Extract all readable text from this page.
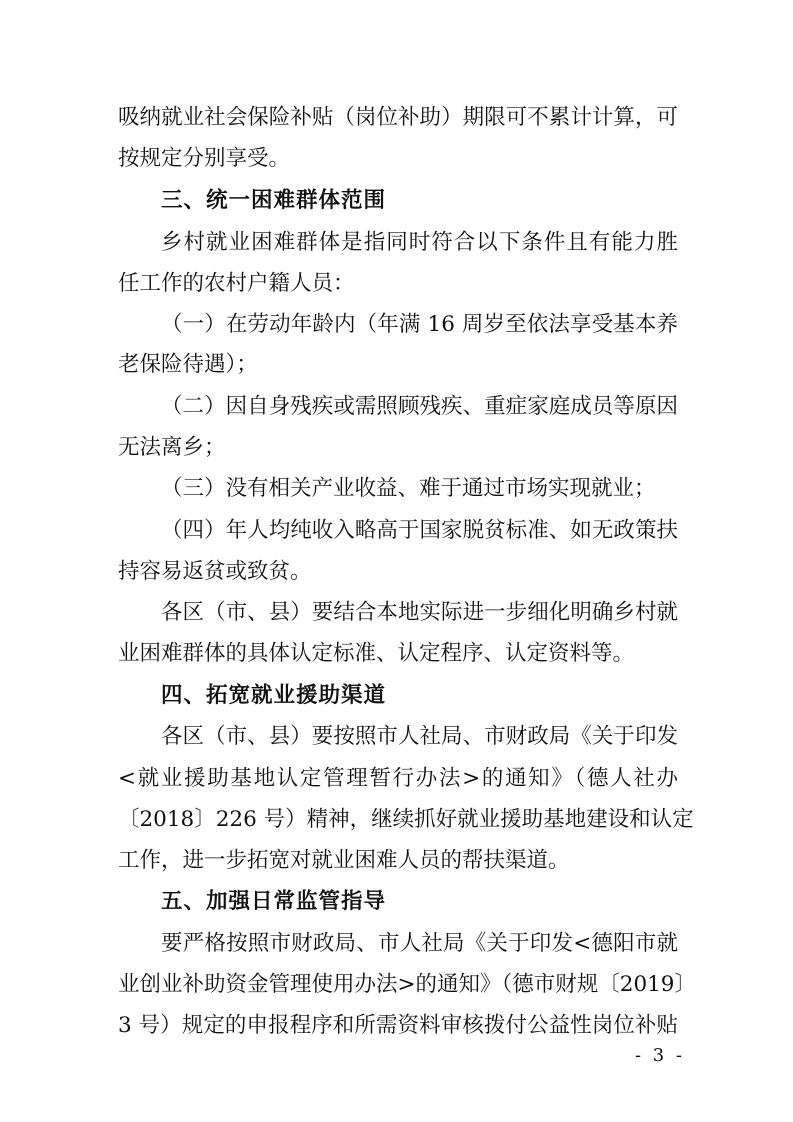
吸纳就业社会保险补贴（岗位补助）期限可不累计计算，可
按规定分别享受。
三、统一困难群体范围
乡村就业困难群体是指同时符合以下条件且有能力胜
任工作的农村户籍人员：
（一）在劳动年龄内（年满 16 周岁至依法享受基本养
老保险待遇）；
（二）因自身残疾或需照顾残疾、重症家庭成员等原因
无法离乡；
（三）没有相关产业收益、难于通过市场实现就业；
（四）年人均纯收入略高于国家脱贫标准、如无政策扶
持容易返贫或致贫。
各区（市、县）要结合本地实际进一步细化明确乡村就
业困难群体的具体认定标准、认定程序、认定资料等。
四、拓宽就业援助渠道
各区（市、县）要按照市人社局、市财政局《关于印发
<就业援助基地认定管理暂行办法>的通知》（德人社办
〔2018〕226 号）精神，继续抓好就业援助基地建设和认定
工作，进一步拓宽对就业困难人员的帮扶渠道。
五、加强日常监管指导
要严格按照市财政局、市人社局《关于印发<德阳市就
业创业补助资金管理使用办法>的通知》（德市财规〔2019〕
3 号）规定的申报程序和所需资料审核拨付公益性岗位补贴
- 3 -
